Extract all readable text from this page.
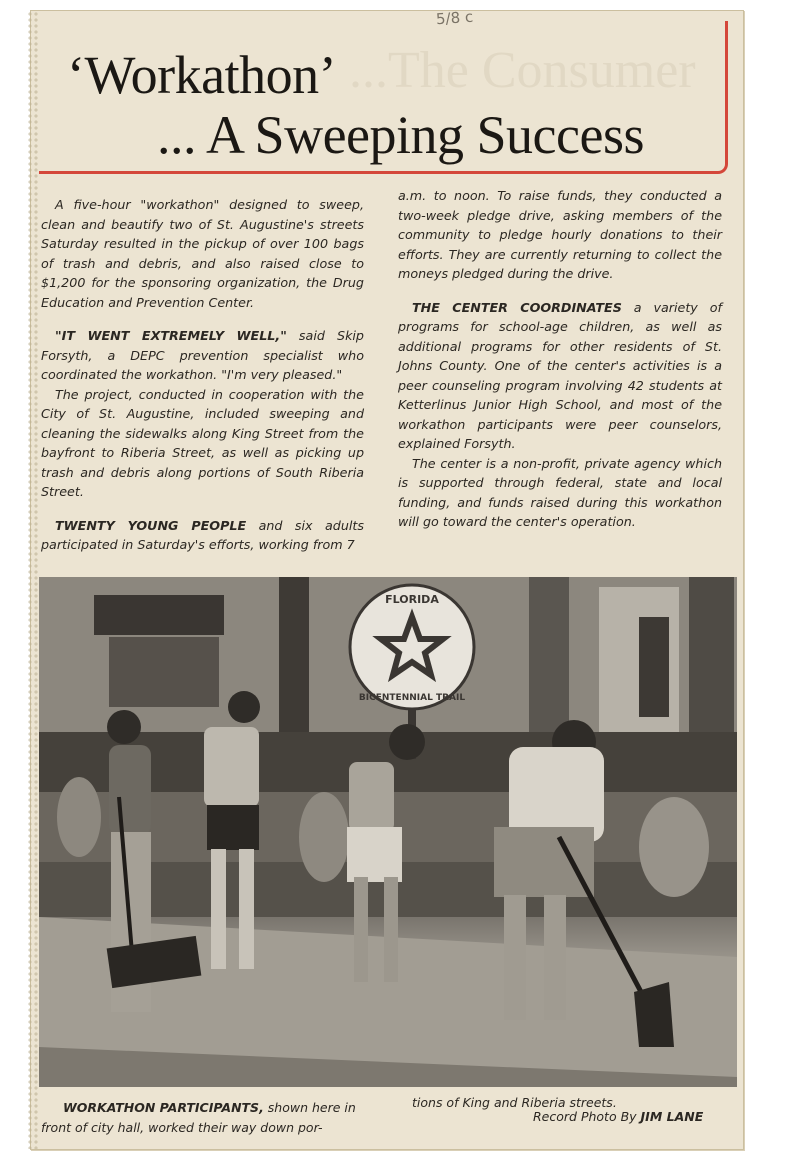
5/8 c
...The Consumer
‘Workathon’
... A Sweeping Success

A five-hour "workathon" designed to sweep, clean and beautify two of St. Augustine's streets Saturday resulted in the pickup of over 100 bags of trash and debris, and also raised close to $1,200 for the sponsoring organization, the Drug Education and Prevention Center.

"IT WENT EXTREMELY WELL," said Skip Forsyth, a DEPC prevention specialist who coordinated the workathon. "I'm very pleased."

The project, conducted in cooperation with the City of St. Augustine, included sweeping and cleaning the sidewalks along King Street from the bayfront to Riberia Street, as well as picking up trash and debris along portions of South Riberia Street.

TWENTY YOUNG PEOPLE and six adults participated in Saturday's efforts, working from 7

a.m. to noon. To raise funds, they conducted a two-week pledge drive, asking members of the community to pledge hourly donations to their efforts. They are currently returning to collect the moneys pledged during the drive.

THE CENTER COORDINATES a variety of programs for school-age children, as well as additional programs for other residents of St. Johns County. One of the center's activities is a peer counseling program involving 42 students at Ketterlinus Junior High School, and most of the workathon participants were peer counselors, explained Forsyth.

The center is a non-profit, private agency which is supported through federal, state and local funding, and funds raised during this workathon will go toward the center's operation.

FLORIDA
BICENTENNIAL TRAIL
WORKATHON PARTICIPANTS, shown here in front of city hall, worked their way down por-
tions of King and Riberia streets.
Record Photo By JIM LANE
